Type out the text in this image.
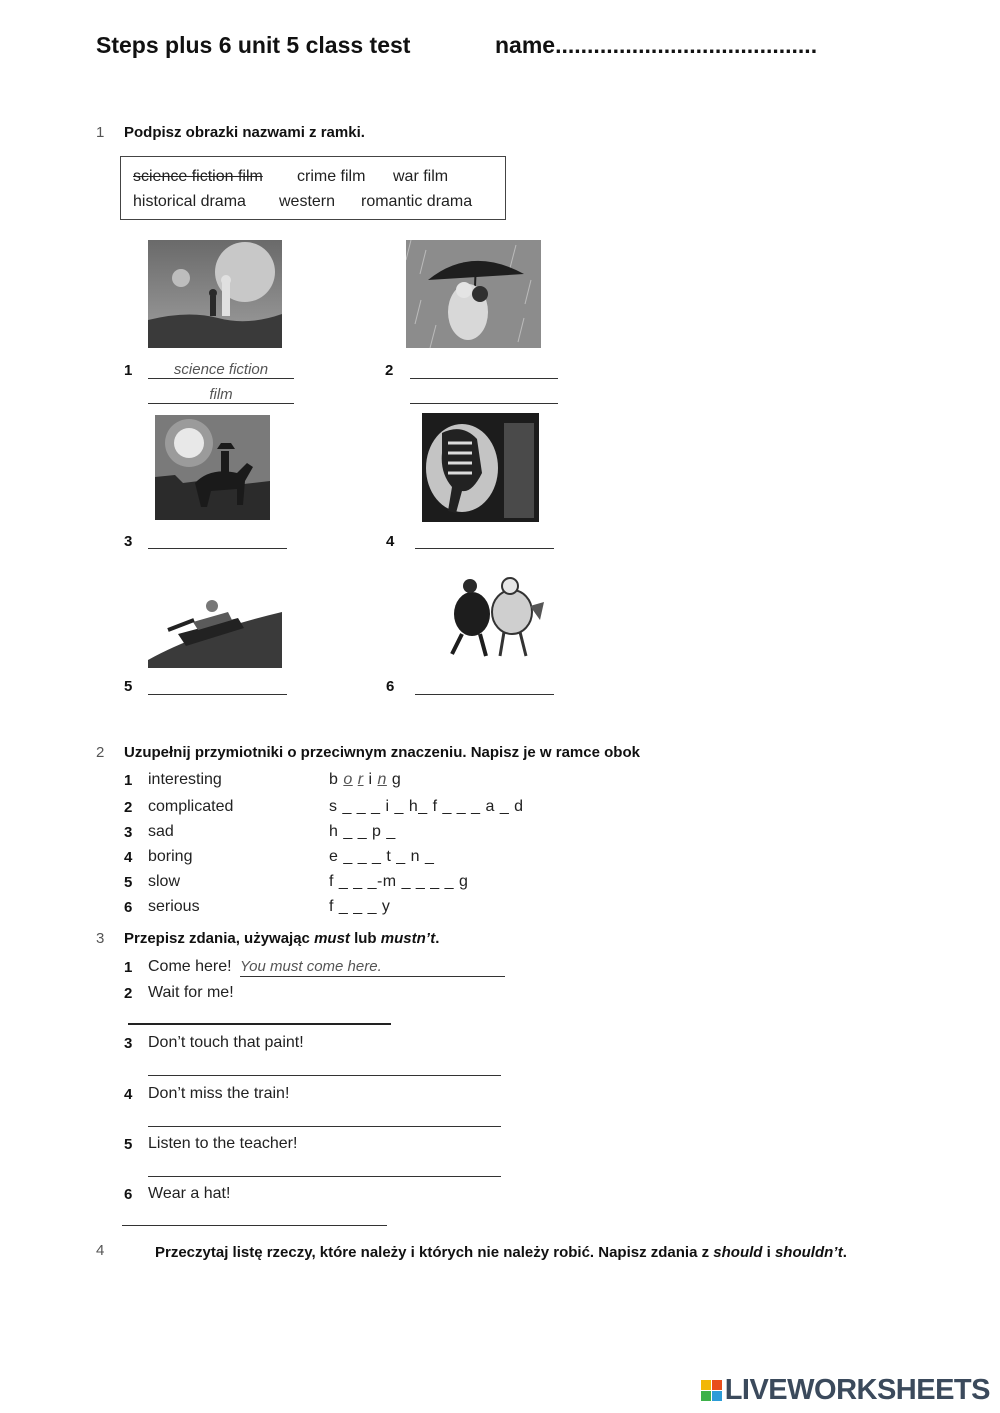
Steps plus 6 unit 5 class test	name.........................................
1 Podpisz obrazki nazwami z ramki.
science fiction film crime film war film
historical drama western romantic drama
1	science fiction
film
2
3	4
5	6
2 Uzupełnij przymiotniki o przeciwnym znaczeniu. Napisz je w ramce obok
1 interesting	b o r i n g
2 complicated	s _ _ _ i _ h_ f _ _ _ a _ d
3 sad	h _ _ p _
4 boring	e _ _ _ t _ n _
5 slow	f _ _ _-m _ _ _ _ g
6 serious	f _ _ _ y
3 Przepisz zdania, używając must lub mustn’t.
1 Come here! You must come here.
2 Wait for me!
3 Don’t touch that paint!
4 Don’t miss the train!
5 Listen to the teacher!
6 Wear a hat!
4	Przeczytaj listę rzeczy, które należy i których nie należy robić. Napisz zdania z should i shouldn’t.
LIVEWORKSHEETS
